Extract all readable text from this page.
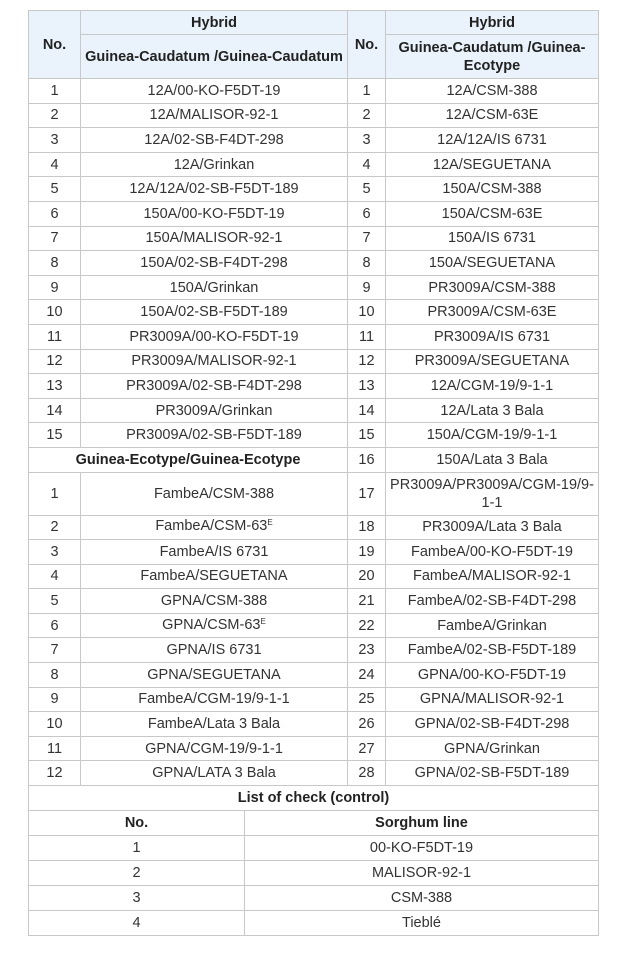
No.	Hybrid	No.	Hybrid
	Guinea-Caudatum /Guinea-Caudatum		Guinea-Caudatum /Guinea-Ecotype
1	12A/00-KO-F5DT-19	1	12A/CSM-388
2	12A/MALISOR-92-1	2	12A/CSM-63E
3	12A/02-SB-F4DT-298	3	12A/12A/IS 6731
4	12A/Grinkan	4	12A/SEGUETANA
5	12A/12A/02-SB-F5DT-189	5	150A/CSM-388
6	150A/00-KO-F5DT-19	6	150A/CSM-63E
7	150A/MALISOR-92-1	7	150A/IS 6731
8	150A/02-SB-F4DT-298	8	150A/SEGUETANA
9	150A/Grinkan	9	PR3009A/CSM-388
10	150A/02-SB-F5DT-189	10	PR3009A/CSM-63E
11	PR3009A/00-KO-F5DT-19	11	PR3009A/IS 6731
12	PR3009A/MALISOR-92-1	12	PR3009A/SEGUETANA
13	PR3009A/02-SB-F4DT-298	13	12A/CGM-19/9-1-1
14	PR3009A/Grinkan	14	12A/Lata 3 Bala
15	PR3009A/02-SB-F5DT-189	15	150A/CGM-19/9-1-1
Guinea-Ecotype/Guinea-Ecotype		16	150A/Lata 3 Bala
1	FambeA/CSM-388	17	PR3009A/PR3009A/CGM-19/9-1-1
2	FambeA/$CSM-63^E$	18	PR3009A/Lata 3 Bala
3	FambeA/IS 6731	19	FambeA/00-KO-F5DT-19
4	FambeA/SEGUETANA	20	FambeA/MALISOR-92-1
5	GPNA/CSM-388	21	FambeA/02-SB-F4DT-298
6	GPNA/$CSM-63^E$	22	FambeA/Grinkan
7	GPNA/IS 6731	23	FambeA/02-SB-F5DT-189
8	GPNA/SEGUETANA	24	GPNA/00-KO-F5DT-19
9	FambeA/CGM-19/9-1-1	25	GPNA/MALISOR-92-1
10	FambeA/Lata 3 Bala	26	GPNA/02-SB-F4DT-298
11	GPNA/CGM-19/9-1-1	27	GPNA/Grinkan
12	GPNA/LATA 3 Bala	28	GPNA/02-SB-F5DT-189
List of check (control)	
No.	Sorghum line
1	00-KO-F5DT-19
2	MALISOR-92-1
3	CSM-388
4	Tieblé
